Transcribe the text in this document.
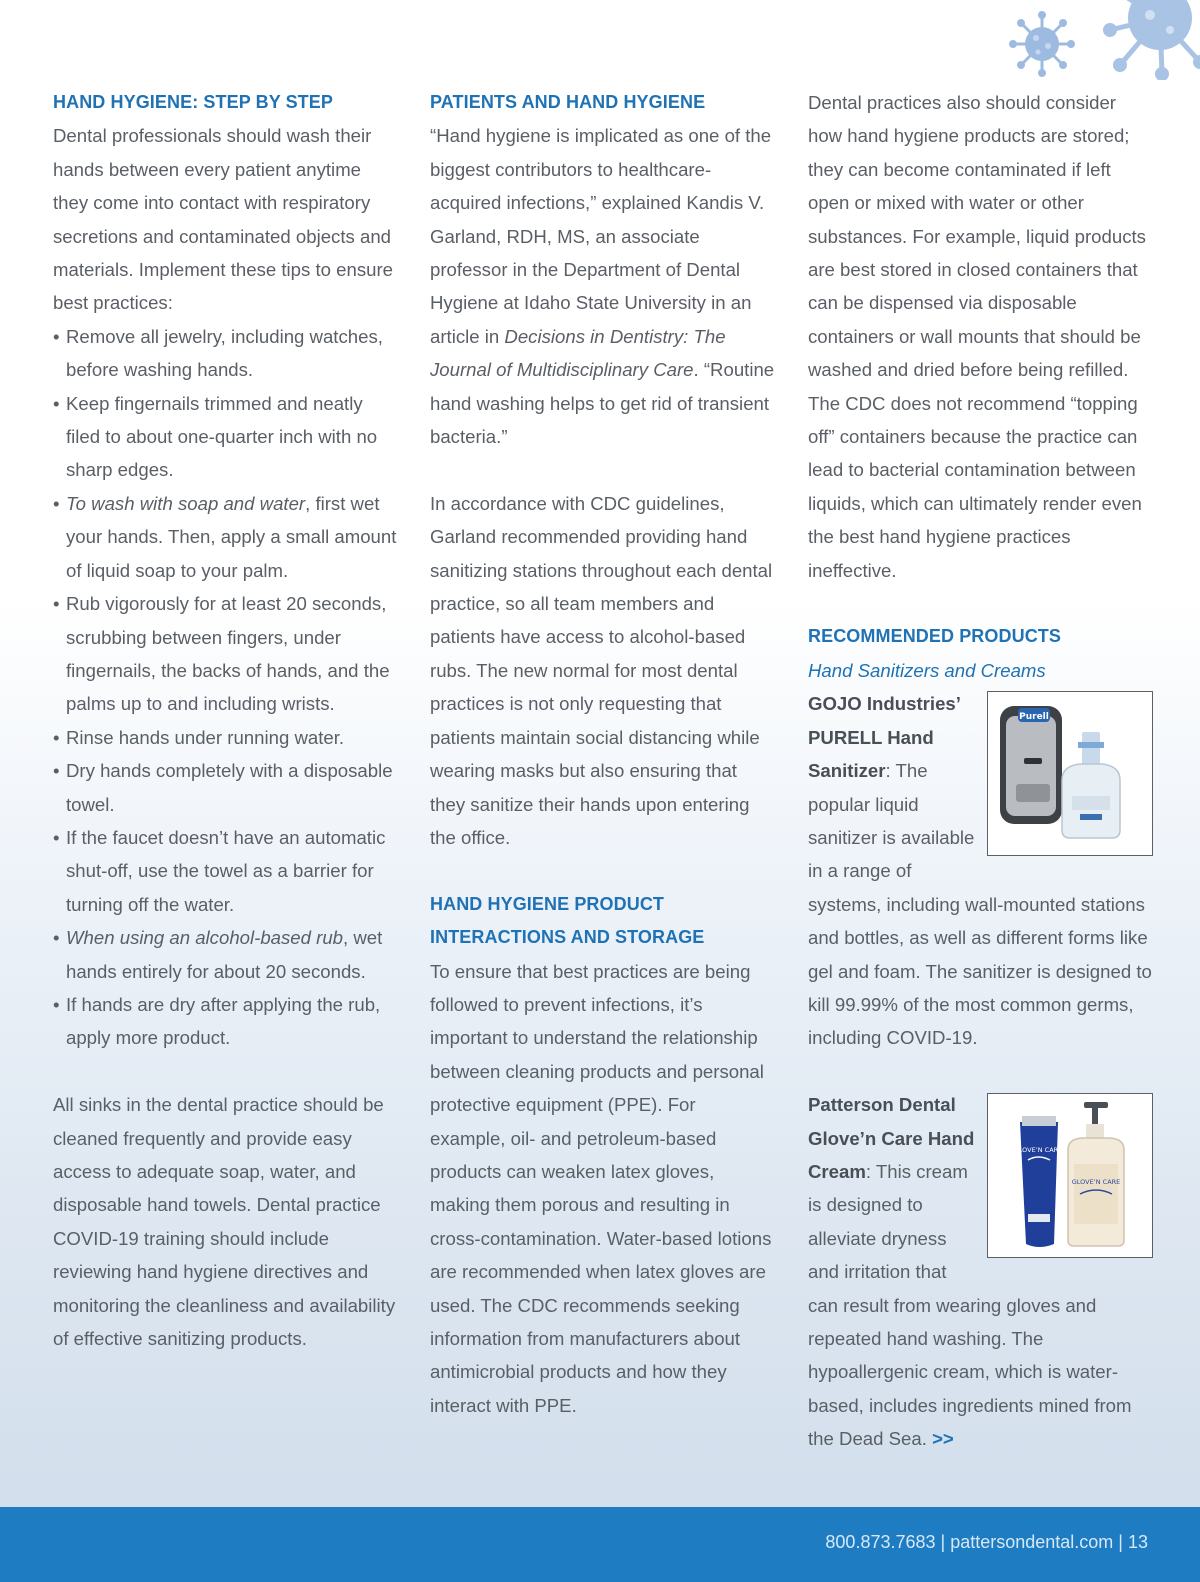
HAND HYGIENE: STEP BY STEP

Dental professionals should wash their hands between every patient anytime they come into contact with respiratory secretions and contaminated objects and materials. Implement these tips to ensure best practices:

• Remove all jewelry, including watches, before washing hands.
• Keep fingernails trimmed and neatly filed to about one-quarter inch with no sharp edges.
• To wash with soap and water, first wet your hands. Then, apply a small amount of liquid soap to your palm.
• Rub vigorously for at least 20 seconds, scrubbing between fingers, under fingernails, the backs of hands, and the palms up to and including wrists.
• Rinse hands under running water.
• Dry hands completely with a disposable towel.
• If the faucet doesn’t have an automatic shut-off, use the towel as a barrier for turning off the water.
• When using an alcohol-based rub, wet hands entirely for about 20 seconds.
• If hands are dry after applying the rub, apply more product.

All sinks in the dental practice should be cleaned frequently and provide easy access to adequate soap, water, and disposable hand towels. Dental practice COVID-19 training should include reviewing hand hygiene directives and monitoring the cleanliness and availability of effective sanitizing products.

PATIENTS AND HAND HYGIENE

“Hand hygiene is implicated as one of the biggest contributors to healthcare-acquired infections,” explained Kandis V. Garland, RDH, MS, an associate professor in the Department of Dental Hygiene at Idaho State University in an article in Decisions in Dentistry: The Journal of Multidisciplinary Care. “Routine hand washing helps to get rid of transient bacteria.”

In accordance with CDC guidelines, Garland recommended providing hand sanitizing stations throughout each dental practice, so all team members and patients have access to alcohol-based rubs. The new normal for most dental practices is not only requesting that patients maintain social distancing while wearing masks but also ensuring that they sanitize their hands upon entering the office.

HAND HYGIENE PRODUCT INTERACTIONS AND STORAGE

To ensure that best practices are being followed to prevent infections, it’s important to understand the relationship between cleaning products and personal protective equipment (PPE). For example, oil- and petroleum-based products can weaken latex gloves, making them porous and resulting in cross-contamination. Water-based lotions are recommended when latex gloves are used. The CDC recommends seeking information from manufacturers about antimicrobial products and how they interact with PPE.

Dental practices also should consider how hand hygiene products are stored; they can become contaminated if left open or mixed with water or other substances. For example, liquid products are best stored in closed containers that can be dispensed via disposable containers or wall mounts that should be washed and dried before being refilled. The CDC does not recommend “topping off” containers because the practice can lead to bacterial contamination between liquids, which can ultimately render even the best hand hygiene practices ineffective.

RECOMMENDED PRODUCTS

Hand Sanitizers and Creams

Purell

GOJO Industries’ PURELL Hand Sanitizer: The popular liquid sanitizer is available in a range of systems, including wall-mounted stations and bottles, as well as different forms like gel and foam. The sanitizer is designed to kill 99.99% of the most common germs, including COVID-19.

GLOVE’N CARE
GLOVE’N CARE

Patterson Dental Glove’n Care Hand Cream: This cream is designed to alleviate dryness and irritation that can result from wearing gloves and repeated hand washing. The hypoallergenic cream, which is water-based, includes ingredients mined from the Dead Sea. >>

800.873.7683 | pattersondental.com | 13
